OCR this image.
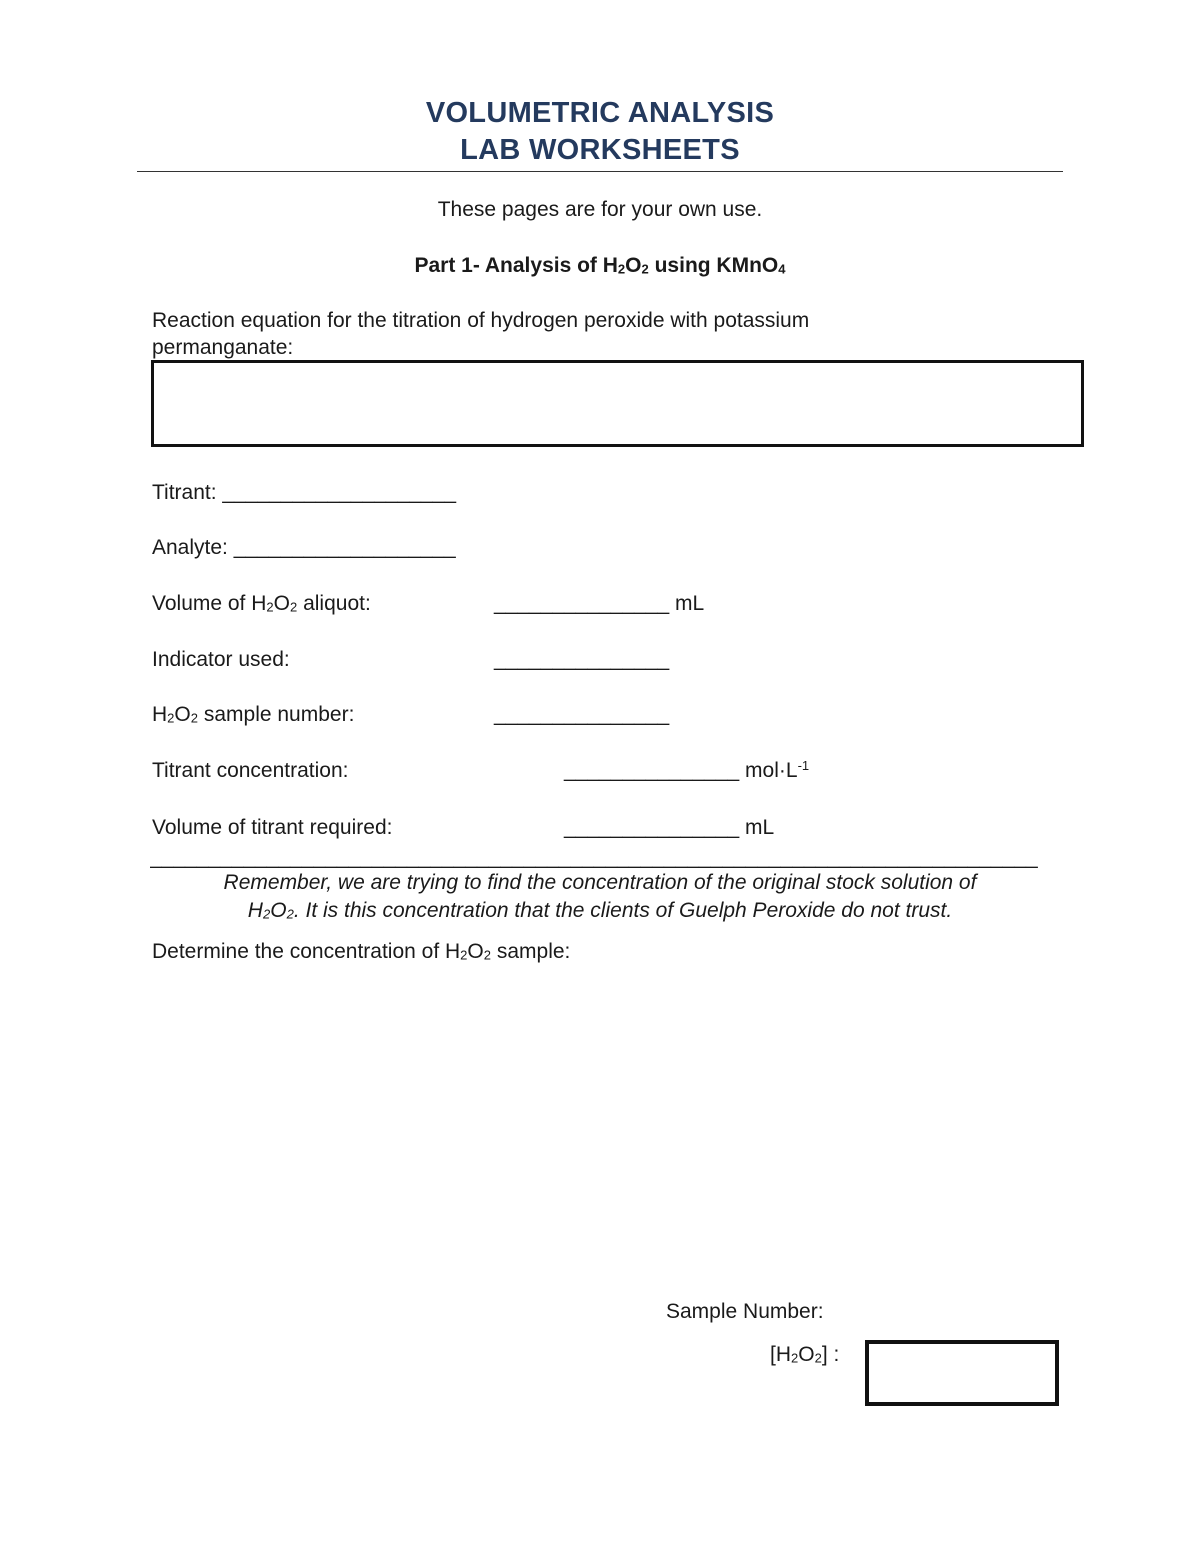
VOLUMETRIC ANALYSIS
LAB WORKSHEETS
These pages are for your own use.
Part 1- Analysis of $H_2O_2$ using KMnO$_4$
Reaction equation for the titration of hydrogen peroxide with potassium
permanganate:
Titrant: ____________________
Analyte: ___________________
Volume of $H_2O_2$ aliquot:	_______________ mL
Indicator used:	_______________
$H_2O_2$ sample number:	_______________
Titrant concentration:	_______________ $mol\cdot L^{-1}$
Volume of titrant required:	_______________ mL
____________________________________________________________________________
Remember, we are trying to find the concentration of the original stock solution of
$H_2O_2$. It is this concentration that the clients of Guelph Peroxide do not trust.
Determine the concentration of $H_2O_2$ sample:
Sample Number:
$[H_2O_2]$ :
